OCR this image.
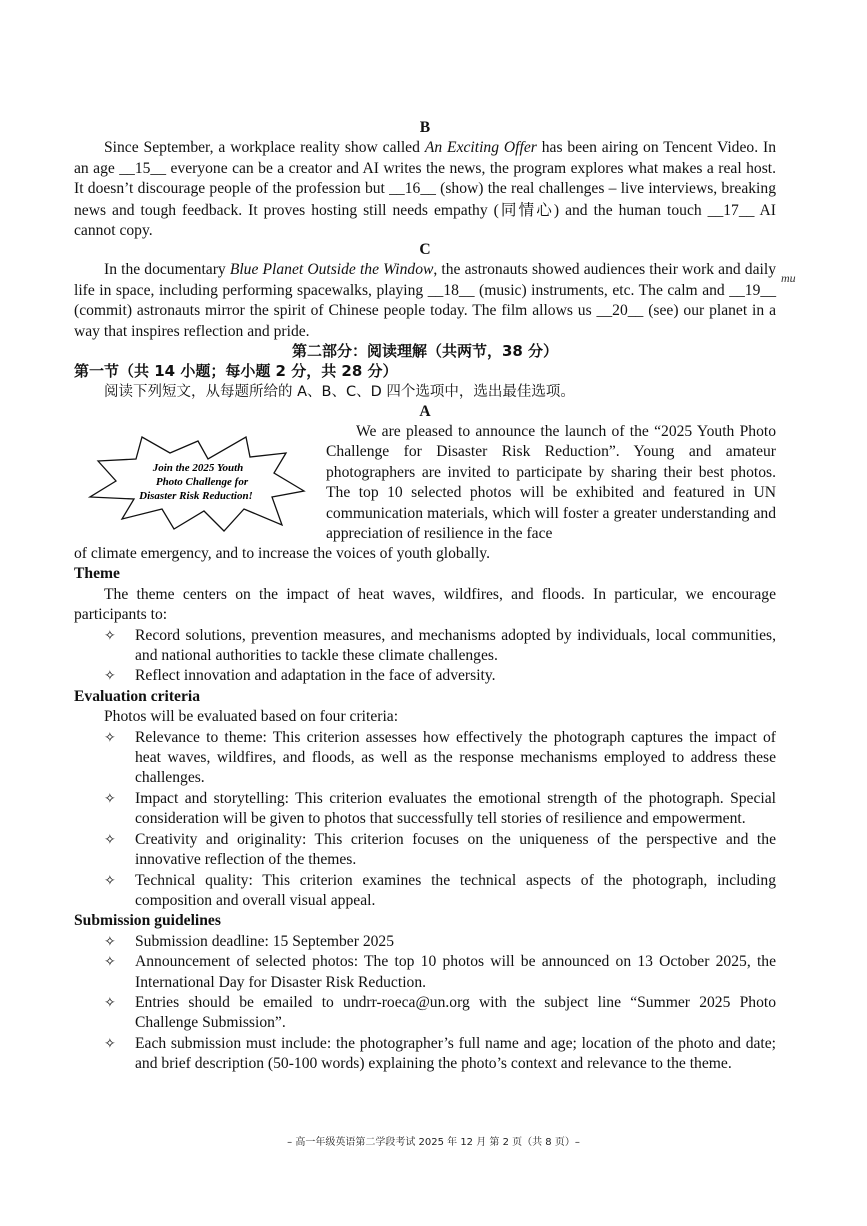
B

Since September, a workplace reality show called An Exciting Offer has been airing on Tencent Video. In an age __15__ everyone can be a creator and AI writes the news, the program explores what makes a real host. It doesn’t discourage people of the profession but __16__ (show) the real challenges – live interviews, breaking news and tough feedback. It proves hosting still needs empathy (同情心) and the human touch __17__ AI cannot copy.

C

In the documentary Blue Planet Outside the Window, the astronauts showed audiences their work and daily life in space, including performing spacewalks, playing __18__ (music) instruments, etc. The calm and __19__ (commit) astronauts mirror the spirit of Chinese people today. The film allows us __20__ (see) our planet in a way that inspires reflection and pride.

mu
第二部分：阅读理解（共两节，38 分）
第一节（共 14 小题；每小题 2 分，共 28 分）
阅读下列短文，从每题所给的 A、B、C、D 四个选项中，选出最佳选项。
A
Join the 2025 Youth
Photo Challenge for
Disaster Risk Reduction!

We are pleased to announce the launch of the “2025 Youth Photo Challenge for Disaster Risk Reduction”. Young and amateur photographers are invited to participate by sharing their best photos. The top 10 selected photos will be exhibited and featured in UN communication materials, which will foster a greater understanding and appreciation of resilience in the face

of climate emergency, and to increase the voices of youth globally.

Theme

The theme centers on the impact of heat waves, wildfires, and floods. In particular, we encourage participants to:

✧ Record solutions, prevention measures, and mechanisms adopted by individuals, local communities, and national authorities to tackle these climate challenges.
✧ Reflect innovation and adaptation in the face of adversity.
Evaluation criteria
Photos will be evaluated based on four criteria:
✧ Relevance to theme: This criterion assesses how effectively the photograph captures the impact of heat waves, wildfires, and floods, as well as the response mechanisms employed to address these challenges.
✧ Impact and storytelling: This criterion evaluates the emotional strength of the photograph. Special consideration will be given to photos that successfully tell stories of resilience and empowerment.
✧ Creativity and originality: This criterion focuses on the uniqueness of the perspective and the innovative reflection of the themes.
✧ Technical quality: This criterion examines the technical aspects of the photograph, including composition and overall visual appeal.
Submission guidelines
✧ Submission deadline: 15 September 2025
✧ Announcement of selected photos: The top 10 photos will be announced on 13 October 2025, the International Day for Disaster Risk Reduction.
✧ Entries should be emailed to undrr-roeca@un.org with the subject line “Summer 2025 Photo Challenge Submission”.
✧ Each submission must include: the photographer’s full name and age; location of the photo and date; and brief description (50-100 words) explaining the photo’s context and relevance to the theme.
– 高一年级英语第二学段考试 2025 年 12 月 第 2 页（共 8 页）–
